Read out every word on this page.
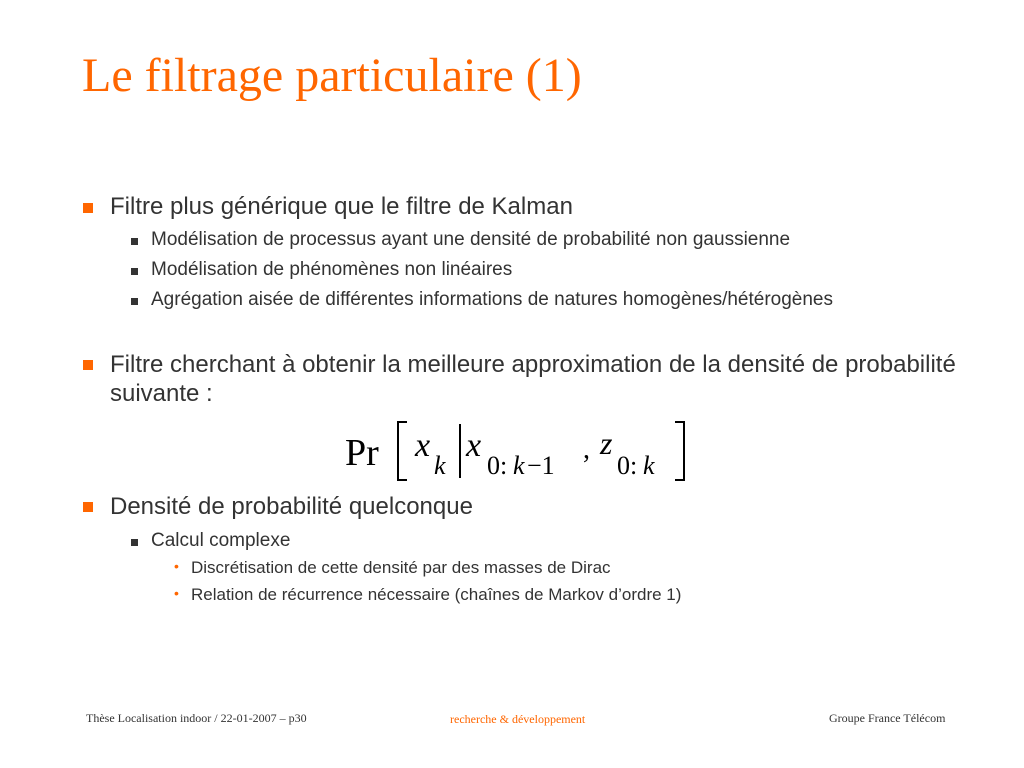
Le filtrage particulaire (1)
Filtre plus générique que le filtre de Kalman
Modélisation de processus ayant une densité de probabilité non gaussienne
Modélisation de phénomènes non linéaires
Agrégation aisée de différentes informations de natures homogènes/hétérogènes
Filtre cherchant à obtenir la meilleure approximation de la densité de probabilité suivante :
Pr x
k
x
0: k −1
, z
0: k
Densité de probabilité quelconque
Calcul complexe
• Discrétisation de cette densité par des masses de Dirac
• Relation de récurrence nécessaire (chaînes de Markov d’ordre 1)
Thèse Localisation indoor / 22-01-2007 – p30	recherche & développement	Groupe France Télécom
